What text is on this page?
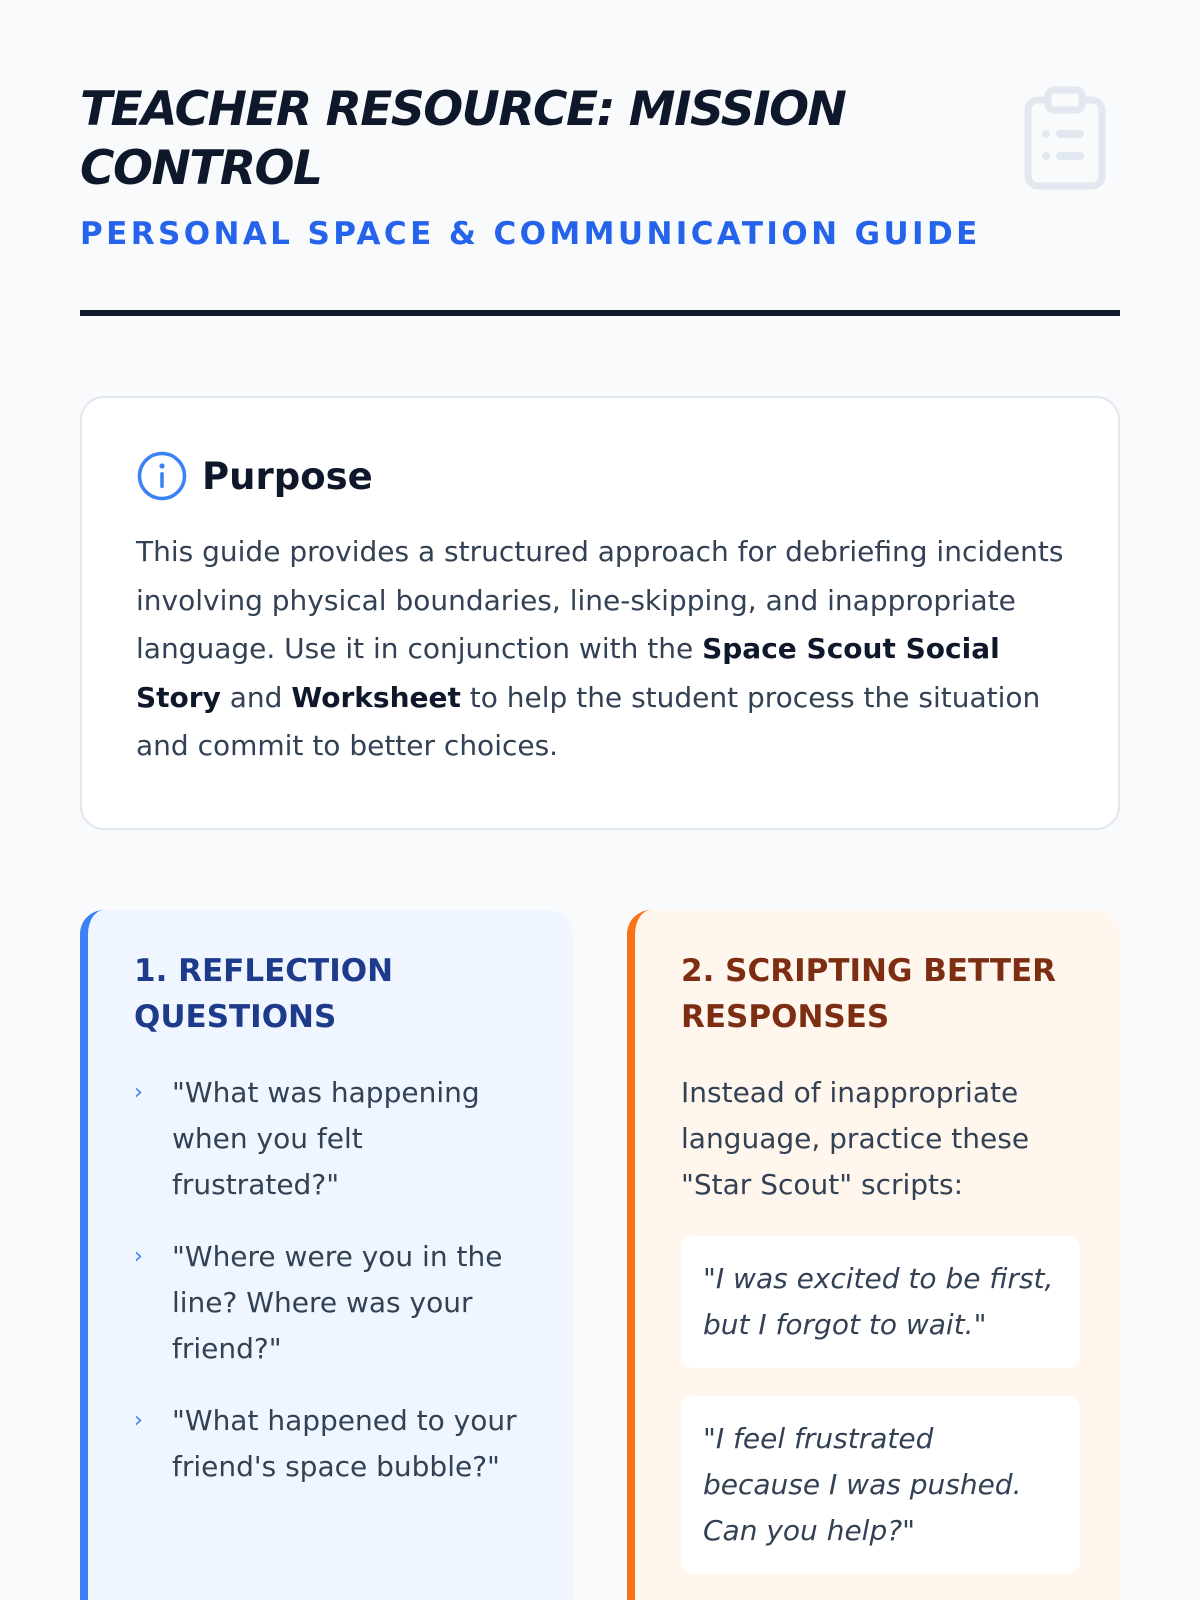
TEACHER RESOURCE: MISSION CONTROL
PERSONAL SPACE & COMMUNICATION GUIDE
Purpose

This guide provides a structured approach for debriefing incidents involving physical boundaries, line-skipping, and inappropriate language. Use it in conjunction with the Space Scout Social Story and Worksheet to help the student process the situation and commit to better choices.

1. REFLECTION QUESTIONS
›	"What was happening when you felt frustrated?"
›	"Where were you in the line? Where was your friend?"
›	"What happened to your friend's space bubble?"
2. SCRIPTING BETTER RESPONSES

Instead of inappropriate language, practice these "Star Scout" scripts:

"I was excited to be first, but I forgot to wait."
"I feel frustrated because I was pushed. Can you help?"
